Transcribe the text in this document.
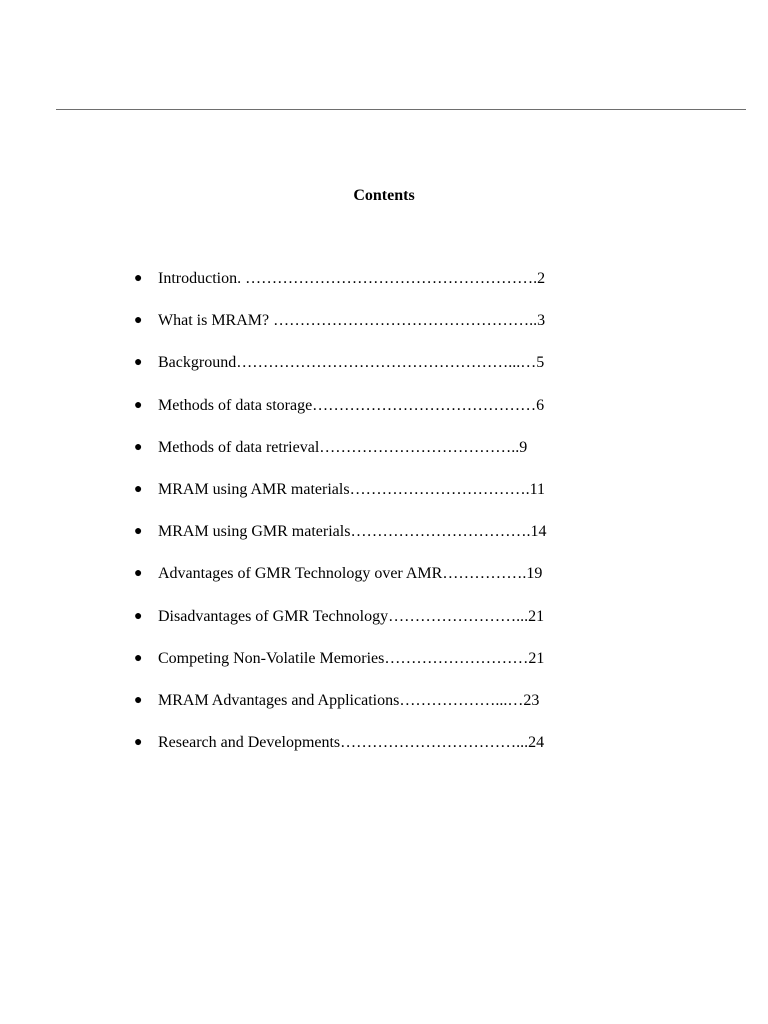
Contents
● Introduction. ……………………………………………….2
● What is MRAM? …………………………………………..3
● Background……………………………………………...…5
● Methods of data storage……………………………………6
● Methods of data retrieval………………………………..9
● MRAM using AMR materials…………………………….11
● MRAM using GMR materials…………………………….14
● Advantages of GMR Technology over AMR…………….19
● Disadvantages of GMR Technology……………………...21
● Competing Non-Volatile Memories………………………21
● MRAM Advantages and Applications………………...…23
● Research and Developments……………………………...24
